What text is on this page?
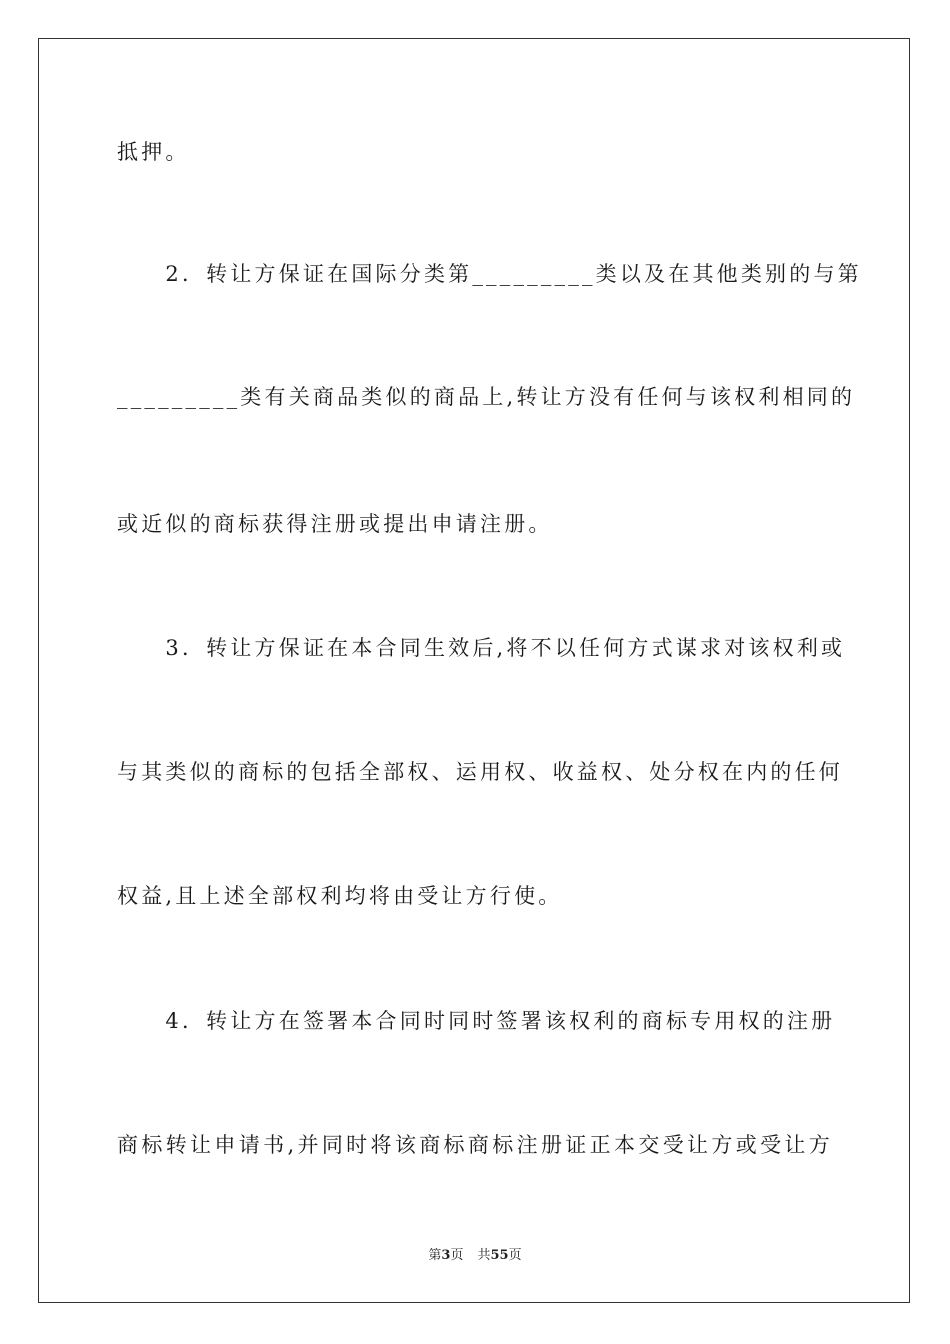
抵押。
　　2．转让方保证在国际分类第_________类以及在其他类别的与第
_________类有关商品类似的商品上,转让方没有任何与该权利相同的
或近似的商标获得注册或提出申请注册。
　　3．转让方保证在本合同生效后,将不以任何方式谋求对该权利或
与其类似的商标的包括全部权、运用权、收益权、处分权在内的任何
权益,且上述全部权利均将由受让方行使。
　　4．转让方在签署本合同时同时签署该权利的商标专用权的注册
商标转让申请书,并同时将该商标商标注册证正本交受让方或受让方
第3页 共55页
